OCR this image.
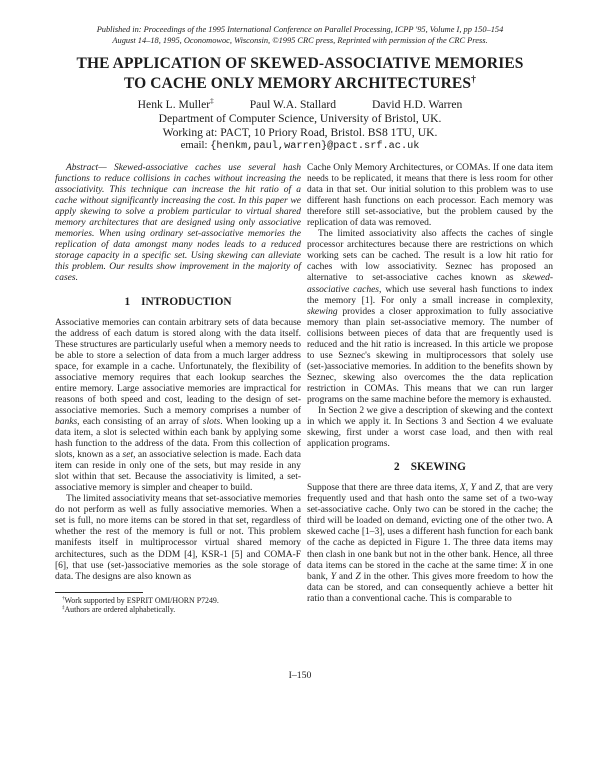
Published in: Proceedings of the 1995 International Conference on Parallel Processing, ICPP '95, Volume I, pp 150–154
August 14–18, 1995, Oconomowoc, Wisconsin, ©1995 CRC press, Reprinted with permission of the CRC Press.
THE APPLICATION OF SKEWED-ASSOCIATIVE MEMORIES
TO CACHE ONLY MEMORY ARCHITECTURES†
Henk L. Muller‡	Paul W.A. Stallard	David H.D. Warren
Department of Computer Science, University of Bristol, UK.
Working at: PACT, 10 Priory Road, Bristol. BS8 1TU, UK.
email: {henkm,paul,warren}@pact.srf.ac.uk

Abstract— Skewed-associative caches use several hash functions to reduce collisions in caches without increasing the associativity. This technique can increase the hit ratio of a cache without significantly increasing the cost. In this paper we apply skewing to solve a problem particular to virtual shared memory architectures that are designed using only associative memories. When using ordinary set-associative memories the replication of data amongst many nodes leads to a reduced storage capacity in a specific set. Using skewing can alleviate this problem. Our results show improvement in the majority of cases.

1 INTRODUCTION

Associative memories can contain arbitrary sets of data because the address of each datum is stored along with the data itself. These structures are particularly useful when a memory needs to be able to store a selection of data from a much larger address space, for example in a cache. Unfortunately, the flexibility of associative memory requires that each lookup searches the entire memory. Large associative memories are impractical for reasons of both speed and cost, leading to the design of set-associative memories. Such a memory comprises a number of banks, each consisting of an array of slots. When looking up a data item, a slot is selected within each bank by applying some hash function to the address of the data. From this collection of slots, known as a set, an associative selection is made. Each data item can reside in only one of the sets, but may reside in any slot within that set. Because the associativity is limited, a set-associative memory is simpler and cheaper to build.

The limited associativity means that set-associative memories do not perform as well as fully associative memories. When a set is full, no more items can be stored in that set, regardless of whether the rest of the memory is full or not. This problem manifests itself in multiprocessor virtual shared memory architectures, such as the DDM [4], KSR-1 [5] and COMA-F [6], that use (set-)associative memories as the sole storage of data. The designs are also known as

†Work supported by ESPRIT OMI/HORN P7249.

‡Authors are ordered alphabetically.

Cache Only Memory Architectures, or COMAs. If one data item needs to be replicated, it means that there is less room for other data in that set. Our initial solution to this problem was to use different hash functions on each processor. Each memory was therefore still set-associative, but the problem caused by the replication of data was removed.

The limited associativity also affects the caches of single processor architectures because there are restrictions on which working sets can be cached. The result is a low hit ratio for caches with low associativity. Seznec has proposed an alternative to set-associative caches known as skewed-associative caches, which use several hash functions to index the memory [1]. For only a small increase in complexity, skewing provides a closer approximation to fully associative memory than plain set-associative memory. The number of collisions between pieces of data that are frequently used is reduced and the hit ratio is increased. In this article we propose to use Seznec's skewing in multiprocessors that solely use (set-)associative memories. In addition to the benefits shown by Seznec, skewing also overcomes the the data replication restriction in COMAs. This means that we can run larger programs on the same machine before the memory is exhausted.

In Section 2 we give a description of skewing and the context in which we apply it. In Sections 3 and Section 4 we evaluate skewing, first under a worst case load, and then with real application programs.

2 SKEWING

Suppose that there are three data items, X, Y and Z, that are very frequently used and that hash onto the same set of a two-way set-associative cache. Only two can be stored in the cache; the third will be loaded on demand, evicting one of the other two. A skewed cache [1–3], uses a different hash function for each bank of the cache as depicted in Figure 1. The three data items may then clash in one bank but not in the other bank. Hence, all three data items can be stored in the cache at the same time: X in one bank, Y and Z in the other. This gives more freedom to how the data can be stored, and can consequently achieve a better hit ratio than a conventional cache. This is comparable to

I–150
